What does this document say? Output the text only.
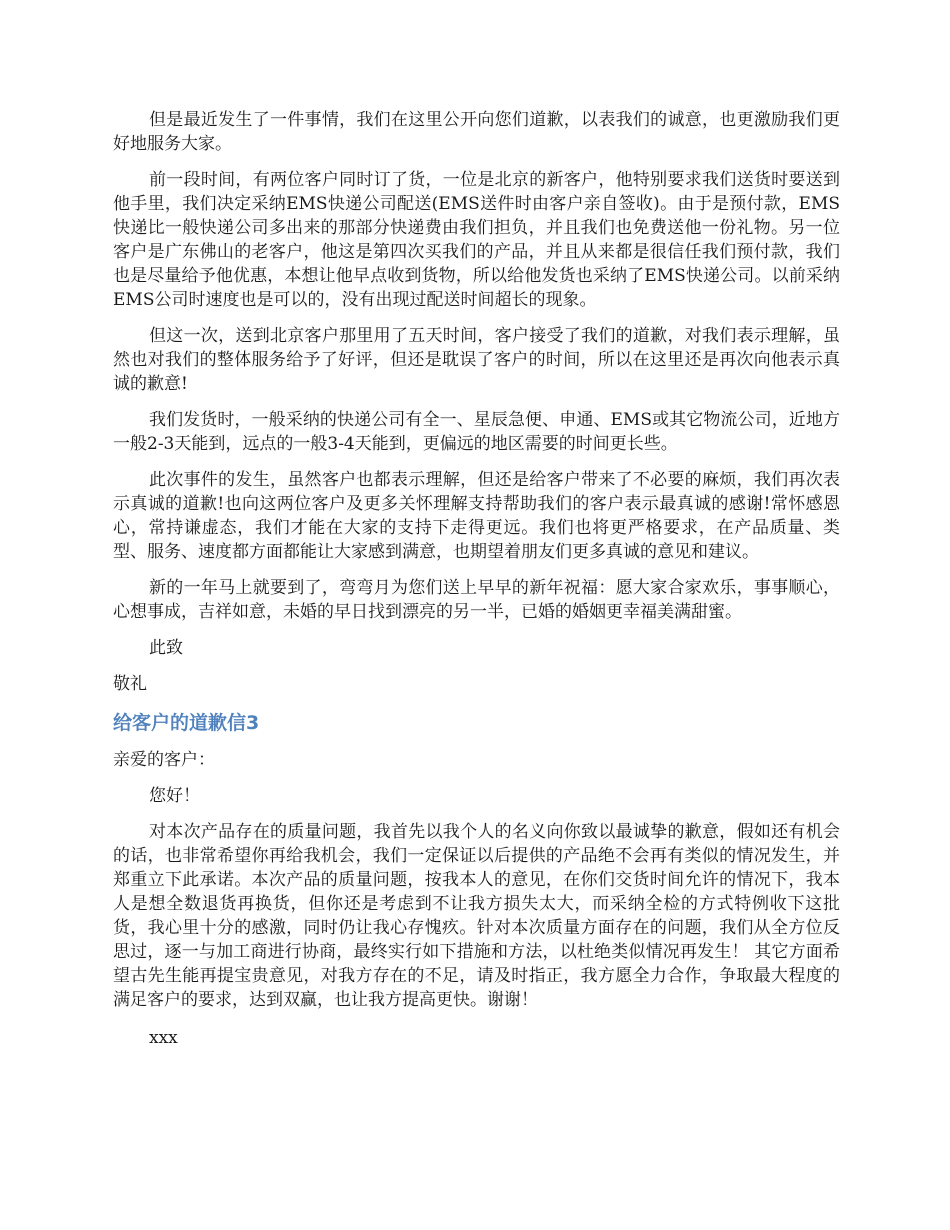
但是最近发生了一件事情，我们在这里公开向您们道歉，以表我们的诚意，也更激励我们更好地服务大家。

前一段时间，有两位客户同时订了货，一位是北京的新客户，他特别要求我们送货时要送到他手里，我们决定采纳EMS快递公司配送(EMS送件时由客户亲自签收)。由于是预付款，EMS快递比一般快递公司多出来的那部分快递费由我们担负，并且我们也免费送他一份礼物。另一位客户是广东佛山的老客户，他这是第四次买我们的产品，并且从来都是很信任我们预付款，我们也是尽量给予他优惠，本想让他早点收到货物，所以给他发货也采纳了EMS快递公司。以前采纳EMS公司时速度也是可以的，没有出现过配送时间超长的现象。

但这一次，送到北京客户那里用了五天时间，客户接受了我们的道歉，对我们表示理解，虽然也对我们的整体服务给予了好评，但还是耽误了客户的时间，所以在这里还是再次向他表示真诚的歉意!

我们发货时，一般采纳的快递公司有全一、星辰急便、申通、EMS或其它物流公司，近地方一般2-3天能到，远点的一般3-4天能到，更偏远的地区需要的时间更长些。

此次事件的发生，虽然客户也都表示理解，但还是给客户带来了不必要的麻烦，我们再次表示真诚的道歉!也向这两位客户及更多关怀理解支持帮助我们的客户表示最真诚的感谢!常怀感恩心，常持谦虚态，我们才能在大家的支持下走得更远。我们也将更严格要求，在产品质量、类型、服务、速度都方面都能让大家感到满意，也期望着朋友们更多真诚的意见和建议。

新的一年马上就要到了，弯弯月为您们送上早早的新年祝福：愿大家合家欢乐，事事顺心，心想事成，吉祥如意，未婚的早日找到漂亮的另一半，已婚的婚姻更幸福美满甜蜜。

此致

敬礼

给客户的道歉信3

亲爱的客户：

您好！

对本次产品存在的质量问题，我首先以我个人的名义向你致以最诚挚的歉意，假如还有机会的话，也非常希望你再给我机会，我们一定保证以后提供的产品绝不会再有类似的情况发生，并郑重立下此承诺。本次产品的质量问题，按我本人的意见，在你们交货时间允许的情况下，我本人是想全数退货再换货，但你还是考虑到不让我方损失太大，而采纳全检的方式特例收下这批货，我心里十分的感激，同时仍让我心存愧疚。针对本次质量方面存在的问题，我们从全方位反思过，逐一与加工商进行协商，最终实行如下措施和方法，以杜绝类似情况再发生！ 其它方面希望古先生能再提宝贵意见，对我方存在的不足，请及时指正，我方愿全力合作，争取最大程度的满足客户的要求，达到双赢，也让我方提高更快。谢谢！

xxx
